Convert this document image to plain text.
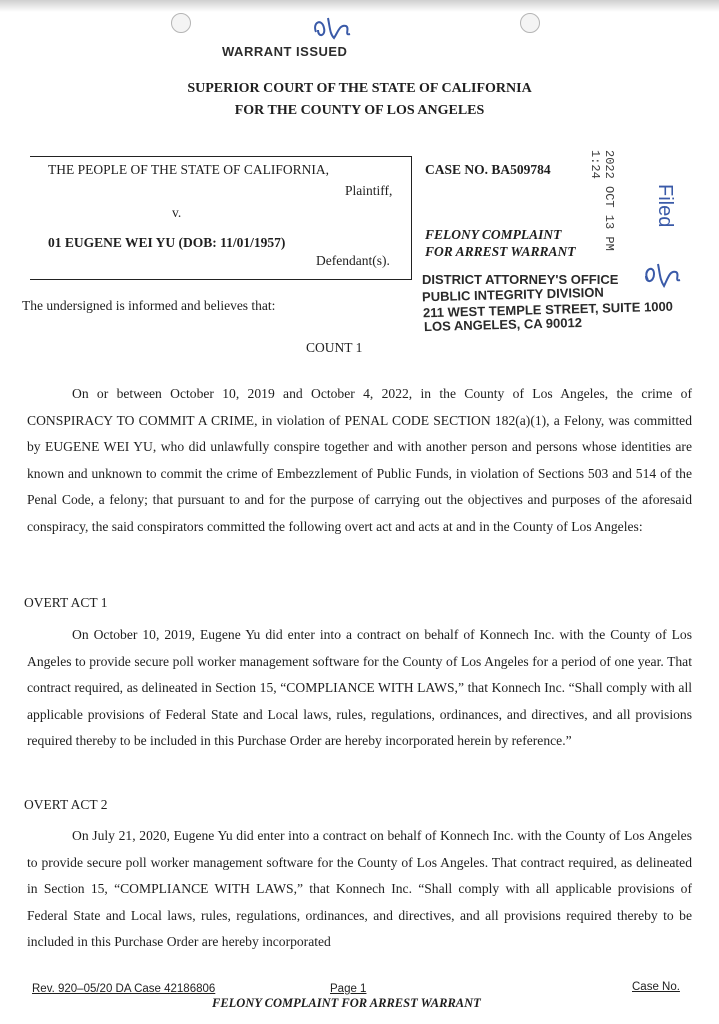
WARRANT ISSUED
SUPERIOR COURT OF THE STATE OF CALIFORNIA
FOR THE COUNTY OF LOS ANGELES
THE PEOPLE OF THE STATE OF CALIFORNIA,
Plaintiff,
v.
01 EUGENE WEI YU (DOB: 11/01/1957)
Defendant(s).
CASE NO. BA509784
FELONY COMPLAINT
FOR ARREST WARRANT
DISTRICT ATTORNEY'S OFFICE
PUBLIC INTEGRITY DIVISION
211 WEST TEMPLE STREET, SUITE 1000
LOS ANGELES, CA 90012
2022 OCT 13 PM 1:24
Filed
The undersigned is informed and believes that:
COUNT 1

On or between October 10, 2019 and October 4, 2022, in the County of Los Angeles, the crime of CONSPIRACY TO COMMIT A CRIME, in violation of PENAL CODE SECTION 182(a)(1), a Felony, was committed by EUGENE WEI YU, who did unlawfully conspire together and with another person and persons whose identities are known and unknown to commit the crime of Embezzlement of Public Funds, in violation of Sections 503 and 514 of the Penal Code, a felony; that pursuant to and for the purpose of carrying out the objectives and purposes of the aforesaid conspiracy, the said conspirators committed the following overt act and acts at and in the County of Los Angeles:

OVERT ACT 1

On October 10, 2019, Eugene Yu did enter into a contract on behalf of Konnech Inc. with the County of Los Angeles to provide secure poll worker management software for the County of Los Angeles for a period of one year. That contract required, as delineated in Section 15, “COMPLIANCE WITH LAWS,” that Konnech Inc. “Shall comply with all applicable provisions of Federal State and Local laws, rules, regulations, ordinances, and directives, and all provisions required thereby to be included in this Purchase Order are hereby incorporated herein by reference.”

OVERT ACT 2

On July 21, 2020, Eugene Yu did enter into a contract on behalf of Konnech Inc. with the County of Los Angeles to provide secure poll worker management software for the County of Los Angeles. That contract required, as delineated in Section 15, “COMPLIANCE WITH LAWS,” that Konnech Inc. “Shall comply with all applicable provisions of Federal State and Local laws, rules, regulations, ordinances, and directives, and all provisions required thereby to be included in this Purchase Order are hereby incorporated

Rev. 920–05/20 DA Case 42186806	Page 1	Case No.
FELONY COMPLAINT FOR ARREST WARRANT
